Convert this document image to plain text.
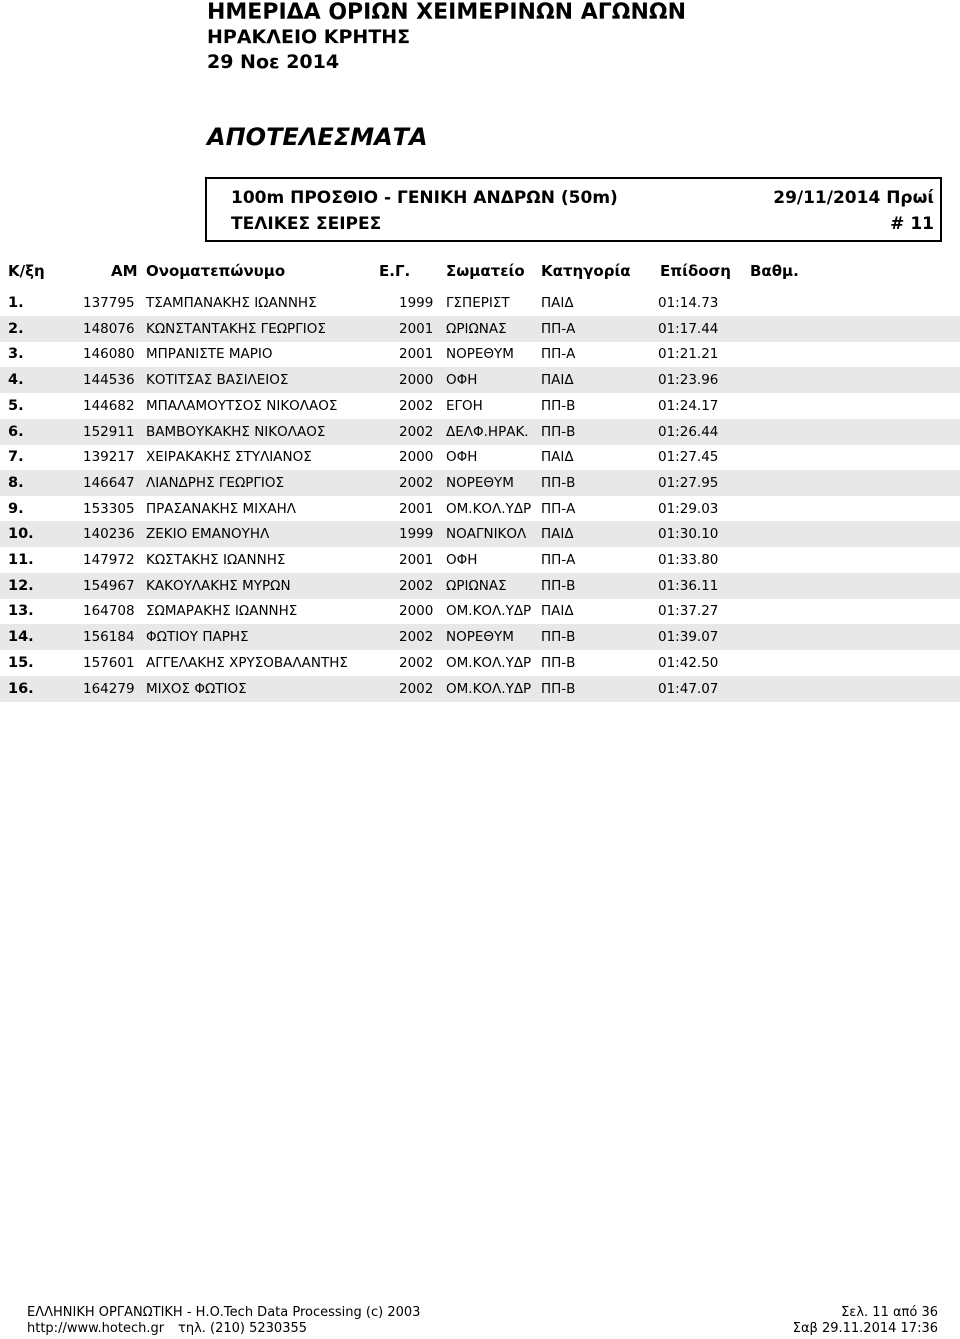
ΗΜΕΡΙΔΑ ΟΡΙΩΝ ΧΕΙΜΕΡΙΝΩΝ ΑΓΩΝΩΝ
ΗΡΑΚΛΕΙΟ ΚΡΗΤΗΣ
29 Νοε 2014
ΑΠΟΤΕΛΕΣΜΑΤΑ
100m ΠΡΟΣΘΙΟ - ΓΕΝΙΚΗ ΑΝΔΡΩΝ (50m)	29/11/2014 Πρωί
ΤΕΛΙΚΕΣ ΣΕΙΡΕΣ	# 11
Κ/ξη	AM Ονοματεπώνυμο	Ε.Γ. Σωματείο Κατηγορία Επίδοση Βαθμ.
1.	137795 ΤΣΑΜΠΑΝΑΚΗΣ ΙΩΑΝΝΗΣ	1999 ΓΣΠΕΡΙΣΤ ΠΑΙΔ	01:14.73
2.	148076 ΚΩΝΣΤΑΝΤΑΚΗΣ ΓΕΩΡΓΙΟΣ	2001 ΩΡΙΩΝΑΣ	ΠΠ-Α	01:17.44
3.	146080 ΜΠΡΑΝΙΣΤΕ ΜΑΡΙΟ	2001 ΝΟΡΕΘΥΜ ΠΠ-Α	01:21.21
4.	144536 ΚΟΤΙΤΣΑΣ ΒΑΣΙΛΕΙΟΣ	2000 ΟΦΗ	ΠΑΙΔ	01:23.96
5.	144682 ΜΠΑΛΑΜΟΥΤΣΟΣ ΝΙΚΟΛΑΟΣ	2002 ΕΓΟΗ	ΠΠ-Β	01:24.17
6.	152911 ΒΑΜΒΟΥΚΑΚΗΣ ΝΙΚΟΛΑΟΣ	2002 ΔΕΛΦ.ΗΡΑΚ. ΠΠ-Β	01:26.44
7.	139217 ΧΕΙΡΑΚΑΚΗΣ ΣΤΥΛΙΑΝΟΣ	2000 ΟΦΗ	ΠΑΙΔ	01:27.45
8.	146647 ΛΙΑΝΔΡΗΣ ΓΕΩΡΓΙΟΣ	2002 ΝΟΡΕΘΥΜ ΠΠ-Β	01:27.95
9.	153305 ΠΡΑΣΑΝΑΚΗΣ ΜΙΧΑΗΛ	2001 ΟΜ.ΚΟΛ.ΥΔΡ ΠΠ-Α	01:29.03
10.	140236 ΖΕΚΙΟ ΕΜΑΝΟΥΗΛ	1999 ΝΟΑΓΝΙΚΟΛ ΠΑΙΔ	01:30.10
11.	147972 ΚΩΣΤΑΚΗΣ ΙΩΑΝΝΗΣ	2001 ΟΦΗ	ΠΠ-Α	01:33.80
12.	154967 ΚΑΚΟΥΛΑΚΗΣ ΜΥΡΩΝ	2002 ΩΡΙΩΝΑΣ	ΠΠ-Β	01:36.11
13.	164708 ΣΩΜΑΡΑΚΗΣ ΙΩΑΝΝΗΣ	2000 ΟΜ.ΚΟΛ.ΥΔΡ ΠΑΙΔ	01:37.27
14.	156184 ΦΩΤΙΟΥ ΠΑΡΗΣ	2002 ΝΟΡΕΘΥΜ ΠΠ-Β	01:39.07
15.	157601 ΑΓΓΕΛΑΚΗΣ ΧΡΥΣΟΒΑΛΑΝΤΗΣ	2002 ΟΜ.ΚΟΛ.ΥΔΡ ΠΠ-Β	01:42.50
16.	164279 ΜΙΧΟΣ ΦΩΤΙΟΣ	2002 ΟΜ.ΚΟΛ.ΥΔΡ ΠΠ-Β	01:47.07
ΕΛΛΗΝΙΚΗ ΟΡΓΑΝΩΤΙΚΗ - Η.Ο.Tech Data Processing (c) 2003
http://www.hotech.gr τηλ. (210) 5230355
Σελ. 11 από 36
Σαβ 29.11.2014 17:36
